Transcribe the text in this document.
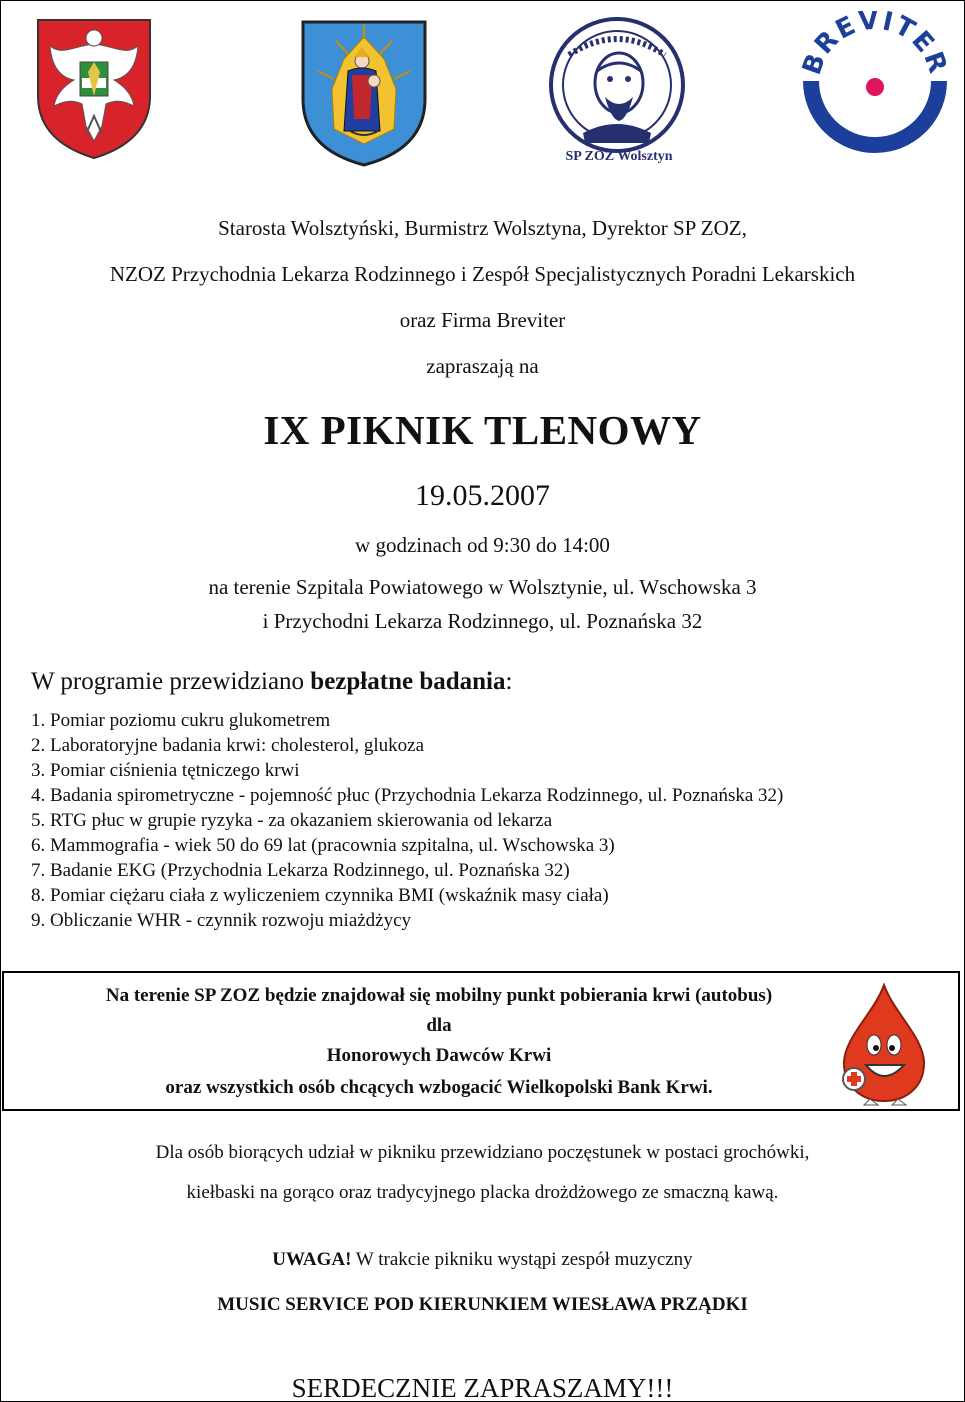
SP ZOZ Wolsztyn
REVITE
Starosta Wolsztyński, Burmistrz Wolsztyna, Dyrektor SP ZOZ,
NZOZ Przychodnia Lekarza Rodzinnego i Zespół Specjalistycznych Poradni Lekarskich
oraz Firma Breviter
zapraszają na
IX PIKNIK TLENOWY
19.05.2007
w godzinach od 9:30 do 14:00
na terenie Szpitala Powiatowego w Wolsztynie, ul. Wschowska 3
i Przychodni Lekarza Rodzinnego, ul. Poznańska 32
W programie przewidziano bezpłatne badania:
1. Pomiar poziomu cukru glukometrem
2. Laboratoryjne badania krwi: cholesterol, glukoza
3. Pomiar ciśnienia tętniczego krwi
4. Badania spirometryczne - pojemność płuc (Przychodnia Lekarza Rodzinnego, ul. Poznańska 32)
5. RTG płuc w grupie ryzyka - za okazaniem skierowania od lekarza
6. Mammografia - wiek 50 do 69 lat (pracownia szpitalna, ul. Wschowska 3)
7. Badanie EKG (Przychodnia Lekarza Rodzinnego, ul. Poznańska 32)
8. Pomiar ciężaru ciała z wyliczeniem czynnika BMI (wskaźnik masy ciała)
9. Obliczanie WHR - czynnik rozwoju miażdżycy
Na terenie SP ZOZ będzie znajdował się mobilny punkt pobierania krwi (autobus)
dla
Honorowych Dawców Krwi
oraz wszystkich osób chcących wzbogacić Wielkopolski Bank Krwi.
Dla osób biorących udział w pikniku przewidziano poczęstunek w postaci grochówki,
kiełbaski na gorąco oraz tradycyjnego placka drożdżowego ze smaczną kawą.
UWAGA! W trakcie pikniku wystąpi zespół muzyczny
MUSIC SERVICE POD KIERUNKIEM WIESŁAWA PRZĄDKI
SERDECZNIE ZAPRASZAMY!!!
